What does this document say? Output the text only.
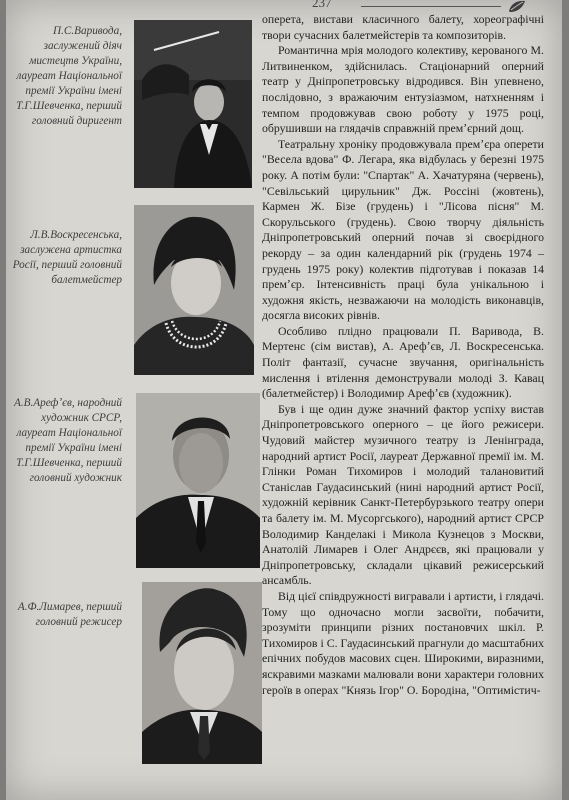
237
П.С.Варивода, заслужений діяч мистецтв України, лауреат Національної премії України імені Т.Г.Шевченка, перший головний диригент
Л.В.Воскресенська, заслужена артистка Росії, перший головний балетмейстер
А.В.Арефʼєв, народний художник СРСР, лауреат Національної премії України імені Т.Г.Шевченка, перший головний художник
А.Ф.Лимарев, перший головний режисер

оперета, вистави класичного балету, хореографічні твори сучасних балетмейстерів та композиторів.

Романтична мрія молодого колективу, керованого М. Литвиненком, здійснилась. Стаціонарний оперний театр у Дніпропетровську відродився. Він упевнено, послідовно, з вражаючим ентузіазмом, натхненням і темпом продовжував свою роботу у 1975 році, обрушивши на глядачів справжній премʼєрний дощ.

Театральну хроніку продовжувала премʼєра оперети "Весела вдова" Ф. Легара, яка відбулась у березні 1975 року. А потім були: "Спартак" А. Хачатуряна (червень), "Севільський цирульник" Дж. Россіні (жовтень), Кармен Ж. Бізе (грудень) і "Лісова пісня" М. Скорульського (грудень). Свою творчу діяльність Дніпропетровський оперний почав зі своєрідного рекорду – за один календарний рік (грудень 1974 – грудень 1975 року) колектив підготував і показав 14 премʼєр. Інтенсивність праці була унікальною і художня якість, незважаючи на молодість виконавців, досягла високих рівнів.

Особливо плідно працювали П. Варивода, В. Мертенс (сім вистав), А. Арефʼєв, Л. Воскресенська. Політ фантазії, сучасне звучання, оригінальність мислення і втілення демонстрували молоді З. Кавац (балетмейстер) і Володимир Арефʼєв (художник).

Був і ще один дуже значний фактор успіху вистав Дніпропетровського оперного – це його режисери. Чудовий майстер музичного театру із Ленінграда, народний артист Росії, лауреат Державної премії ім. М. Глінки Роман Тихомиров і молодий талановитий Станіслав Гаудасинський (нині народний артист Росії, художній керівник Санкт-Петербурзького театру опери та балету ім. М. Мусоргського), народний артист СРСР Володимир Канделакі і Микола Кузнецов з Москви, Анатолій Лимарев і Олег Андрєєв, які працювали у Дніпропетровську, складали цікавий режисерський ансамбль.

Від цієї співдружності вигравали і артисти, і глядачі. Тому що одночасно могли засвоїти, побачити, зрозуміти принципи різних постановчих шкіл. Р. Тихомиров і С. Гаудасинський прагнули до масштабних епічних побудов масових сцен. Широкими, виразними, яскравими мазками малювали вони характери головних героїв в операх "Князь Ігор" О. Бородіна, "Оптимістич-
